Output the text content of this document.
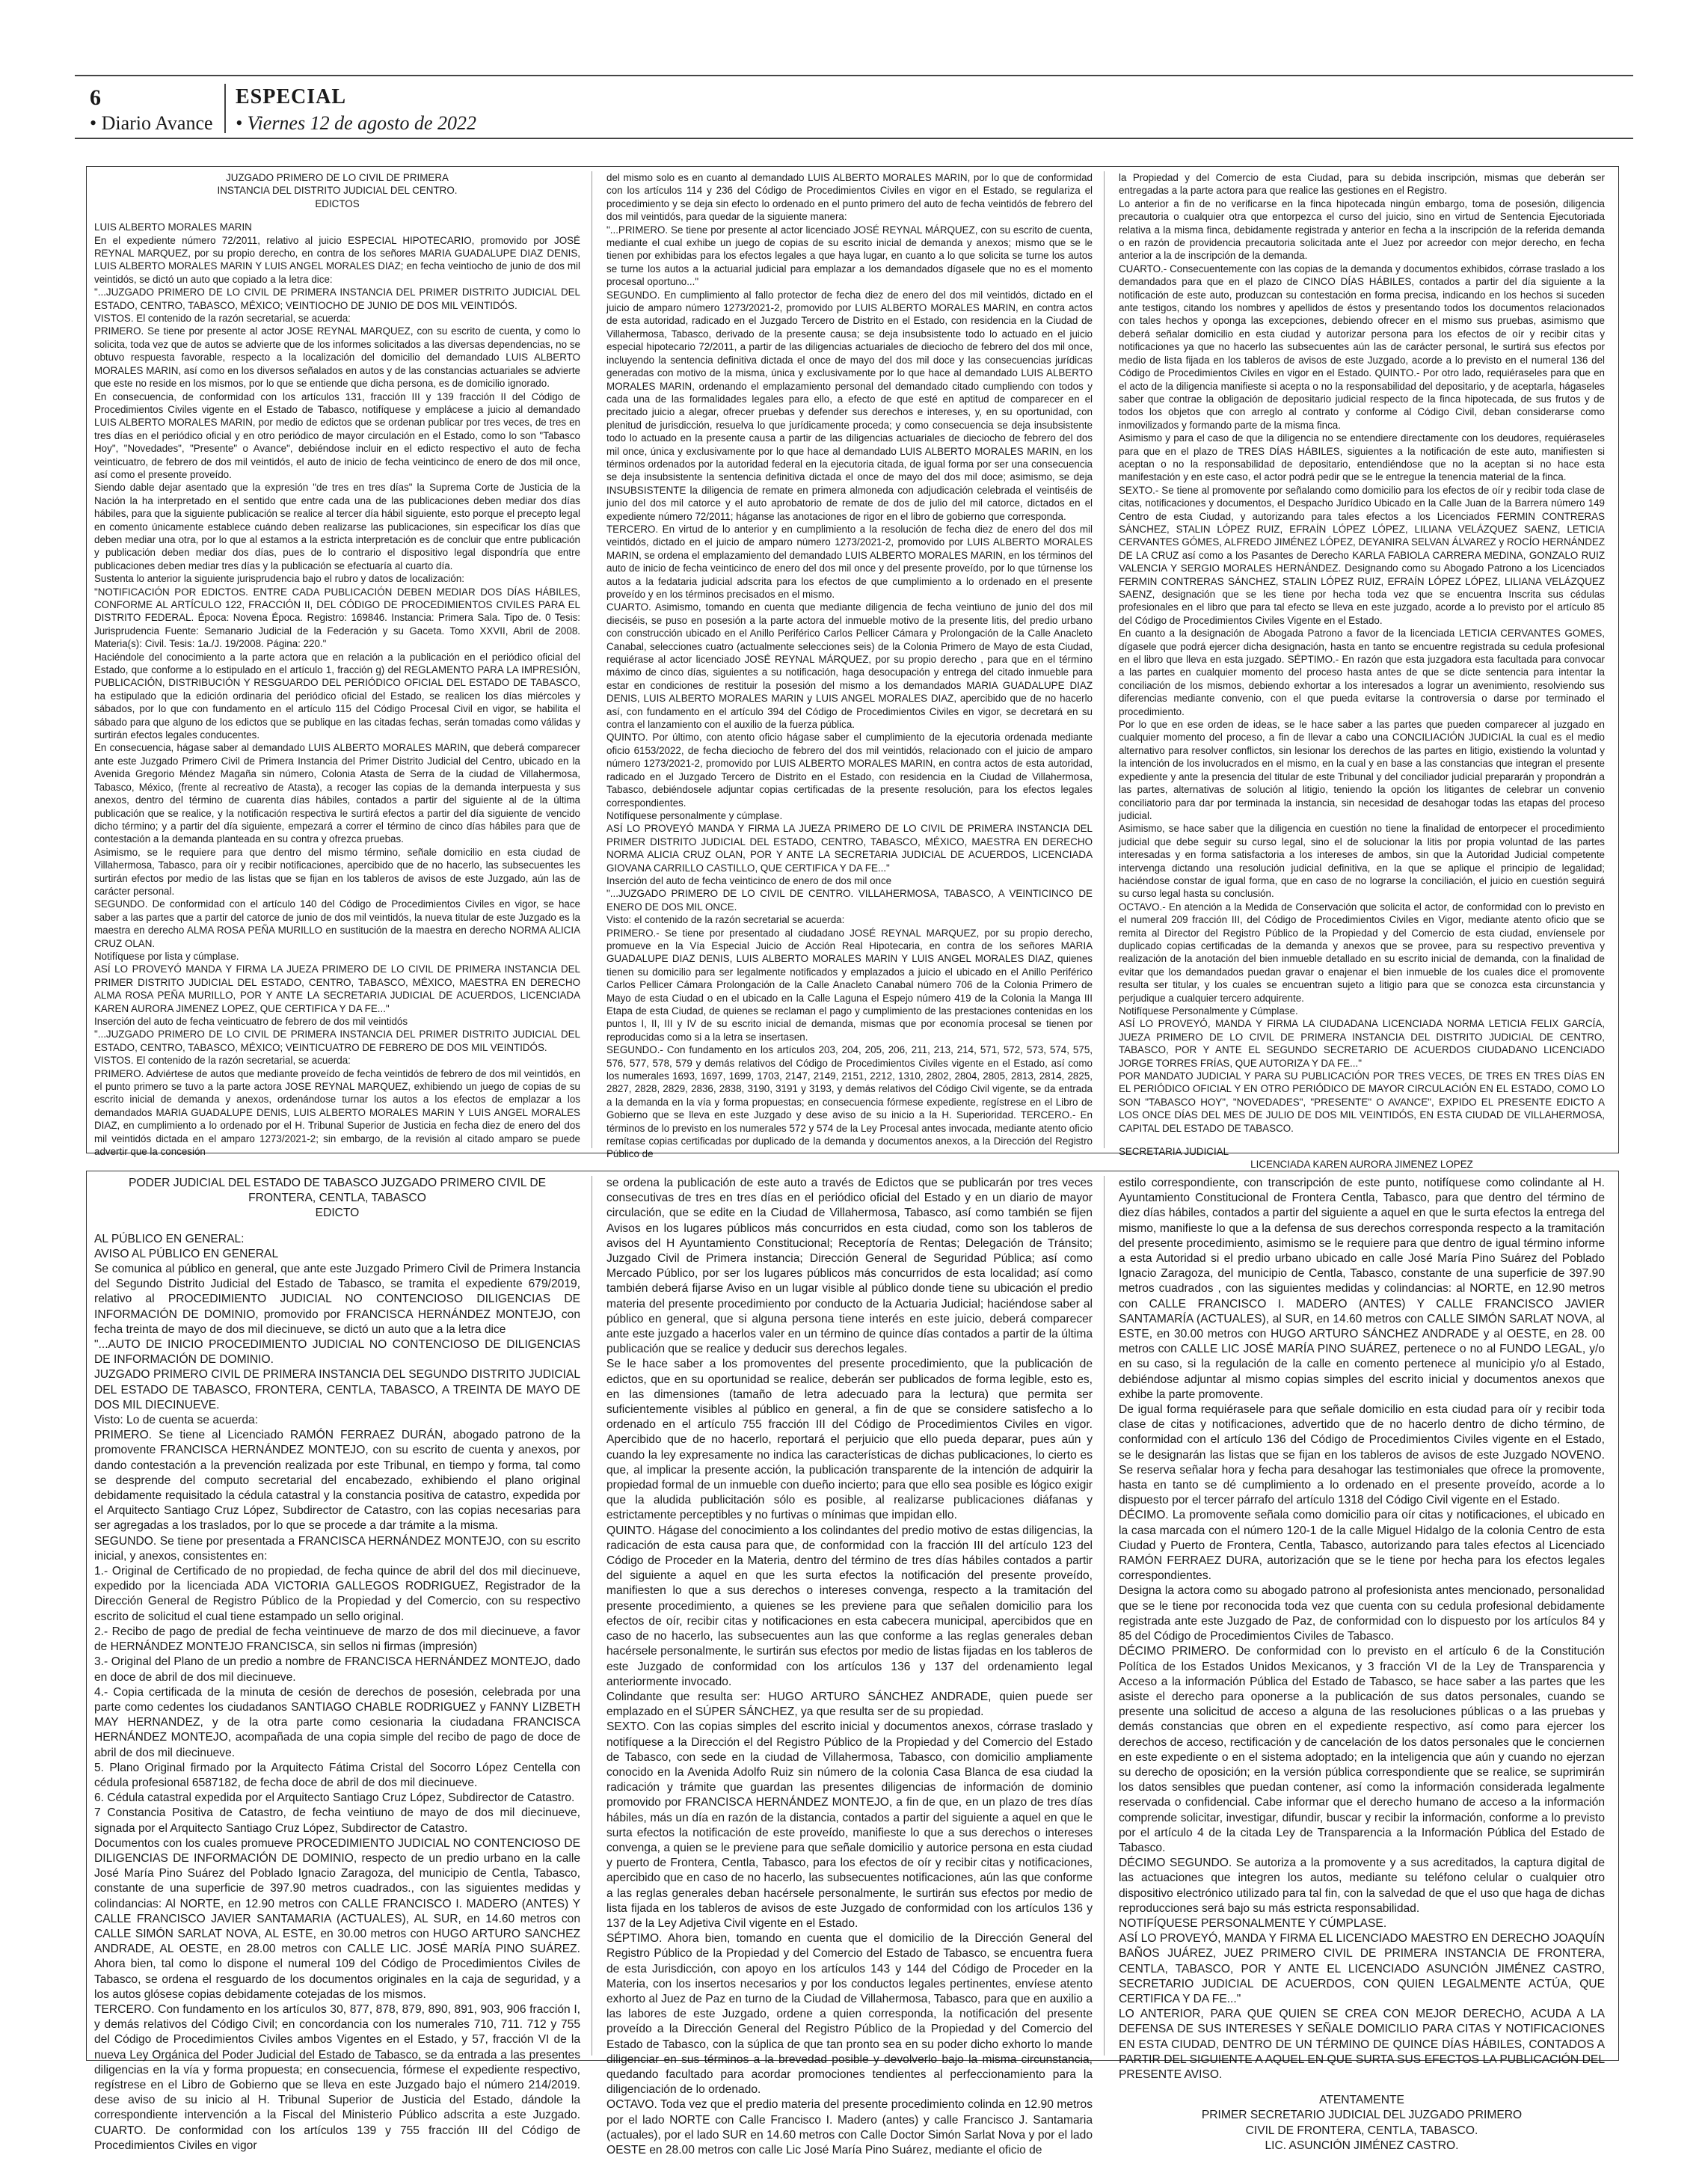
6
• Diario Avance
ESPECIAL
• Viernes 12 de agosto de 2022

JUZGADO PRIMERO DE LO CIVIL DE PRIMERA

INSTANCIA DEL DISTRITO JUDICIAL DEL CENTRO.

EDICTOS

LUIS ALBERTO MORALES MARIN

En el expediente número 72/2011, relativo al juicio ESPECIAL HIPOTECARIO, promovido por JOSÉ REYNAL MARQUEZ, por su propio derecho, en contra de los señores MARIA GUADALUPE DIAZ DENIS, LUIS ALBERTO MORALES MARIN Y LUIS ANGEL MORALES DIAZ; en fecha veintiocho de junio de dos mil veintidós, se dictó un auto que copiado a la letra dice:

"...JUZGADO PRIMERO DE LO CIVIL DE PRIMERA INSTANCIA DEL PRIMER DISTRITO JUDICIAL DEL ESTADO, CENTRO, TABASCO, MÉXICO; VEINTIOCHO DE JUNIO DE DOS MIL VEINTIDÓS.

VISTOS. El contenido de la razón secretarial, se acuerda:

PRIMERO. Se tiene por presente al actor JOSE REYNAL MARQUEZ, con su escrito de cuenta, y como lo solicita, toda vez que de autos se advierte que de los informes solicitados a las diversas dependencias, no se obtuvo respuesta favorable, respecto a la localización del domicilio del demandado LUIS ALBERTO MORALES MARIN, así como en los diversos señalados en autos y de las constancias actuariales se advierte que este no reside en los mismos, por lo que se entiende que dicha persona, es de domicilio ignorado.

En consecuencia, de conformidad con los artículos 131, fracción III y 139 fracción II del Código de Procedimientos Civiles vigente en el Estado de Tabasco, notifíquese y emplácese a juicio al demandado LUIS ALBERTO MORALES MARIN, por medio de edictos que se ordenan publicar por tres veces, de tres en tres días en el periódico oficial y en otro periódico de mayor circulación en el Estado, como lo son "Tabasco Hoy", "Novedades", "Presente" o Avance", debiéndose incluir en el edicto respectivo el auto de fecha veinticuatro, de febrero de dos mil veintidós, el auto de inicio de fecha veinticinco de enero de dos mil once, así como el presente proveído.

Siendo dable dejar asentado que la expresión "de tres en tres días" la Suprema Corte de Justicia de la Nación la ha interpretado en el sentido que entre cada una de las publicaciones deben mediar dos días hábiles, para que la siguiente publicación se realice al tercer día hábil siguiente, esto porque el precepto legal en comento únicamente establece cuándo deben realizarse las publicaciones, sin especificar los días que deben mediar una otra, por lo que al estamos a la estricta interpretación es de concluir que entre publicación y publicación deben mediar dos días, pues de lo contrario el dispositivo legal dispondría que entre publicaciones deben mediar tres días y la publicación se efectuaría al cuarto día.

Sustenta lo anterior la siguiente jurisprudencia bajo el rubro y datos de localización:

"NOTIFICACIÓN POR EDICTOS. ENTRE CADA PUBLICACIÓN DEBEN MEDIAR DOS DÍAS HÁBILES, CONFORME AL ARTÍCULO 122, FRACCIÓN II, DEL CÓDIGO DE PROCEDIMIENTOS CIVILES PARA EL DISTRITO FEDERAL. Época: Novena Época. Registro: 169846. Instancia: Primera Sala. Tipo de. 0 Tesis: Jurisprudencia Fuente: Semanario Judicial de la Federación y su Gaceta. Tomo XXVII, Abril de 2008. Materia(s): Civil. Tesis: 1a./J. 19/2008. Página: 220."

Haciéndole del conocimiento a la parte actora que en relación a la publicación en el periódico oficial del Estado, que conforme a lo estipulado en el artículo 1, fracción g) del REGLAMENTO PARA LA IMPRESIÓN, PUBLICACIÓN, DISTRIBUCIÓN Y RESGUARDO DEL PERIÓDICO OFICIAL DEL ESTADO DE TABASCO, ha estipulado que la edición ordinaria del periódico oficial del Estado, se realicen los días miércoles y sábados, por lo que con fundamento en el artículo 115 del Código Procesal Civil en vigor, se habilita el sábado para que alguno de los edictos que se publique en las citadas fechas, serán tomadas como válidas y surtirán efectos legales conducentes.

En consecuencia, hágase saber al demandado LUIS ALBERTO MORALES MARIN, que deberá comparecer ante este Juzgado Primero Civil de Primera Instancia del Primer Distrito Judicial del Centro, ubicado en la Avenida Gregorio Méndez Magaña sin número, Colonia Atasta de Serra de la ciudad de Villahermosa, Tabasco, México, (frente al recreativo de Atasta), a recoger las copias de la demanda interpuesta y sus anexos, dentro del término de cuarenta días hábiles, contados a partir del siguiente al de la última publicación que se realice, y la notificación respectiva le surtirá efectos a partir del día siguiente de vencido dicho término; y a partir del día siguiente, empezará a correr el término de cinco días hábiles para que de contestación a la demanda planteada en su contra y ofrezca pruebas.

Asimismo, se le requiere para que dentro del mismo término, señale domicilio en esta ciudad de Villahermosa, Tabasco, para oír y recibir notificaciones, apercibido que de no hacerlo, las subsecuentes les surtirán efectos por medio de las listas que se fijan en los tableros de avisos de este Juzgado, aún las de carácter personal.

SEGUNDO. De conformidad con el artículo 140 del Código de Procedimientos Civiles en vigor, se hace saber a las partes que a partir del catorce de junio de dos mil veintidós, la nueva titular de este Juzgado es la maestra en derecho ALMA ROSA PEÑA MURILLO en sustitución de la maestra en derecho NORMA ALICIA CRUZ OLAN.

Notifíquese por lista y cúmplase.

ASÍ LO PROVEYÓ MANDA Y FIRMA LA JUEZA PRIMERO DE LO CIVIL DE PRIMERA INSTANCIA DEL PRIMER DISTRITO JUDICIAL DEL ESTADO, CENTRO, TABASCO, MÉXICO, MAESTRA EN DERECHO ALMA ROSA PEÑA MURILLO, POR Y ANTE LA SECRETARIA JUDICIAL DE ACUERDOS, LICENCIADA KAREN AURORA JIMENEZ LOPEZ, QUE CERTIFICA Y DA FE..."

Inserción del auto de fecha veinticuatro de febrero de dos mil veintidós

"...JUZGADO PRIMERO DE LO CIVIL DE PRIMERA INSTANCIA DEL PRIMER DISTRITO JUDICIAL DEL ESTADO, CENTRO, TABASCO, MÉXICO; VEINTICUATRO DE FEBRERO DE DOS MIL VEINTIDÓS.

VISTOS. El contenido de la razón secretarial, se acuerda:

PRIMERO. Adviértese de autos que mediante proveído de fecha veintidós de febrero de dos mil veintidós, en el punto primero se tuvo a la parte actora JOSE REYNAL MARQUEZ, exhibiendo un juego de copias de su escrito inicial de demanda y anexos, ordenándose turnar los autos a los efectos de emplazar a los demandados MARIA GUADALUPE DENIS, LUIS ALBERTO MORALES MARIN Y LUIS ANGEL MORALES DIAZ, en cumplimiento a lo ordenado por el H. Tribunal Superior de Justicia en fecha diez de enero del dos mil veintidós dictada en el amparo 1273/2021-2; sin embargo, de la revisión al citado amparo se puede advertir que la concesión

del mismo solo es en cuanto al demandado LUIS ALBERTO MORALES MARIN, por lo que de conformidad con los artículos 114 y 236 del Código de Procedimientos Civiles en vigor en el Estado, se regulariza el procedimiento y se deja sin efecto lo ordenado en el punto primero del auto de fecha veintidós de febrero del dos mil veintidós, para quedar de la siguiente manera:

"...PRIMERO. Se tiene por presente al actor licenciado JOSÉ REYNAL MÁRQUEZ, con su escrito de cuenta, mediante el cual exhibe un juego de copias de su escrito inicial de demanda y anexos; mismo que se le tienen por exhibidas para los efectos legales a que haya lugar, en cuanto a lo que solicita se turne los autos se turne los autos a la actuarial judicial para emplazar a los demandados dígasele que no es el momento procesal oportuno..."

SEGUNDO. En cumplimiento al fallo protector de fecha diez de enero del dos mil veintidós, dictado en el juicio de amparo número 1273/2021-2, promovido por LUIS ALBERTO MORALES MARIN, en contra actos de esta autoridad, radicado en el Juzgado Tercero de Distrito en el Estado, con residencia en la Ciudad de Villahermosa, Tabasco, derivado de la presente causa; se deja insubsistente todo lo actuado en el juicio especial hipotecario 72/2011, a partir de las diligencias actuariales de dieciocho de febrero del dos mil once, incluyendo la sentencia definitiva dictada el once de mayo del dos mil doce y las consecuencias jurídicas generadas con motivo de la misma, única y exclusivamente por lo que hace al demandado LUIS ALBERTO MORALES MARIN, ordenando el emplazamiento personal del demandado citado cumpliendo con todos y cada una de las formalidades legales para ello, a efecto de que esté en aptitud de comparecer en el precitado juicio a alegar, ofrecer pruebas y defender sus derechos e intereses, y, en su oportunidad, con plenitud de jurisdicción, resuelva lo que jurídicamente proceda; y como consecuencia se deja insubsistente todo lo actuado en la presente causa a partir de las diligencias actuariales de dieciocho de febrero del dos mil once, única y exclusivamente por lo que hace al demandado LUIS ALBERTO MORALES MARIN, en los términos ordenados por la autoridad federal en la ejecutoria citada, de igual forma por ser una consecuencia se deja insubsistente la sentencia definitiva dictada el once de mayo del dos mil doce; asimismo, se deja INSUBSISTENTE la diligencia de remate en primera almoneda con adjudicación celebrada el veintiséis de junio del dos mil catorce y el auto aprobatorio de remate de dos de julio del mil catorce, dictados en el expediente número 72/2011; háganse las anotaciones de rigor en el libro de gobierno que corresponda.

TERCERO. En virtud de lo anterior y en cumplimiento a la resolución de fecha diez de enero del dos mil veintidós, dictado en el juicio de amparo número 1273/2021-2, promovido por LUIS ALBERTO MORALES MARIN, se ordena el emplazamiento del demandado LUIS ALBERTO MORALES MARIN, en los términos del auto de inicio de fecha veinticinco de enero del dos mil once y del presente proveído, por lo que túrnense los autos a la fedataria judicial adscrita para los efectos de que cumplimiento a lo ordenado en el presente proveído y en los términos precisados en el mismo.

CUARTO. Asimismo, tomando en cuenta que mediante diligencia de fecha veintiuno de junio del dos mil dieciséis, se puso en posesión a la parte actora del inmueble motivo de la presente litis, del predio urbano con construcción ubicado en el Anillo Periférico Carlos Pellicer Cámara y Prolongación de la Calle Anacleto Canabal, selecciones cuatro (actualmente selecciones seis) de la Colonia Primero de Mayo de esta Ciudad, requiérase al actor licenciado JOSÉ REYNAL MÁRQUEZ, por su propio derecho , para que en el término máximo de cinco días, siguientes a su notificación, haga desocupación y entrega del citado inmueble para estar en condiciones de restituir la posesión del mismo a los demandados MARIA GUADALUPE DIAZ DENIS, LUIS ALBERTO MORALES MARIN y LUIS ANGEL MORALES DIAZ, apercibido que de no hacerlo así, con fundamento en el artículo 394 del Código de Procedimientos Civiles en vigor, se decretará en su contra el lanzamiento con el auxilio de la fuerza pública.

QUINTO. Por último, con atento oficio hágase saber el cumplimiento de la ejecutoria ordenada mediante oficio 6153/2022, de fecha dieciocho de febrero del dos mil veintidós, relacionado con el juicio de amparo número 1273/2021-2, promovido por LUIS ALBERTO MORALES MARIN, en contra actos de esta autoridad, radicado en el Juzgado Tercero de Distrito en el Estado, con residencia en la Ciudad de Villahermosa, Tabasco, debiéndosele adjuntar copias certificadas de la presente resolución, para los efectos legales correspondientes.

Notifíquese personalmente y cúmplase.

ASÍ LO PROVEYÓ MANDA Y FIRMA LA JUEZA PRIMERO DE LO CIVIL DE PRIMERA INSTANCIA DEL PRIMER DISTRITO JUDICIAL DEL ESTADO, CENTRO, TABASCO, MÉXICO, MAESTRA EN DERECHO NORMA ALICIA CRUZ OLAN, POR Y ANTE LA SECRETARIA JUDICIAL DE ACUERDOS, LICENCIADA GIOVANA CARRILLO CASTILLO, QUE CERTIFICA Y DA FE..."

Inserción del auto de fecha veinticinco de enero de dos mil once

"...JUZGADO PRIMERO DE LO CIVIL DE CENTRO. VILLAHERMOSA, TABASCO, A VEINTICINCO DE ENERO DE DOS MIL ONCE.

Visto: el contenido de la razón secretarial se acuerda:

PRIMERO.- Se tiene por presentado al ciudadano JOSÉ REYNAL MARQUEZ, por su propio derecho, promueve en la Vía Especial Juicio de Acción Real Hipotecaria, en contra de los señores MARIA GUADALUPE DIAZ DENIS, LUIS ALBERTO MORALES MARIN Y LUIS ANGEL MORALES DIAZ, quienes tienen su domicilio para ser legalmente notificados y emplazados a juicio el ubicado en el Anillo Periférico Carlos Pellicer Cámara Prolongación de la Calle Anacleto Canabal número 706 de la Colonia Primero de Mayo de esta Ciudad o en el ubicado en la Calle Laguna el Espejo número 419 de la Colonia la Manga III Etapa de esta Ciudad, de quienes se reclaman el pago y cumplimiento de las prestaciones contenidas en los puntos I, II, III y IV de su escrito inicial de demanda, mismas que por economía procesal se tienen por reproducidas como si a la letra se insertasen.

SEGUNDO.- Con fundamento en los artículos 203, 204, 205, 206, 211, 213, 214, 571, 572, 573, 574, 575, 576, 577, 578, 579 y demás relativos del Código de Procedimientos Civiles vigente en el Estado, así como los numerales 1693, 1697, 1699, 1703, 2147, 2149, 2151, 2212, 1310, 2802, 2804, 2805, 2813, 2814, 2825, 2827, 2828, 2829, 2836, 2838, 3190, 3191 y 3193, y demás relativos del Código Civil vigente, se da entrada a la demanda en la vía y forma propuestas; en consecuencia fórmese expediente, regístrese en el Libro de Gobierno que se lleva en este Juzgado y dese aviso de su inicio a la H. Superioridad. TERCERO.- En términos de lo previsto en los numerales 572 y 574 de la Ley Procesal antes invocada, mediante atento oficio remítase copias certificadas por duplicado de la demanda y documentos anexos, a la Dirección del Registro Público de

la Propiedad y del Comercio de esta Ciudad, para su debida inscripción, mismas que deberán ser entregadas a la parte actora para que realice las gestiones en el Registro.

Lo anterior a fin de no verificarse en la finca hipotecada ningún embargo, toma de posesión, diligencia precautoria o cualquier otra que entorpezca el curso del juicio, sino en virtud de Sentencia Ejecutoriada relativa a la misma finca, debidamente registrada y anterior en fecha a la inscripción de la referida demanda o en razón de providencia precautoria solicitada ante el Juez por acreedor con mejor derecho, en fecha anterior a la de inscripción de la demanda.

CUARTO.- Consecuentemente con las copias de la demanda y documentos exhibidos, córrase traslado a los demandados para que en el plazo de CINCO DÍAS HÁBILES, contados a partir del día siguiente a la notificación de este auto, produzcan su contestación en forma precisa, indicando en los hechos si suceden ante testigos, citando los nombres y apellidos de éstos y presentando todos los documentos relacionados con tales hechos y oponga las excepciones, debiendo ofrecer en el mismo sus pruebas, asimismo que deberá señalar domicilio en esta ciudad y autorizar persona para los efectos de oír y recibir citas y notificaciones ya que no hacerlo las subsecuentes aún las de carácter personal, le surtirá sus efectos por medio de lista fijada en los tableros de avisos de este Juzgado, acorde a lo previsto en el numeral 136 del Código de Procedimientos Civiles en vigor en el Estado. QUINTO.- Por otro lado, requiéraseles para que en el acto de la diligencia manifieste si acepta o no la responsabilidad del depositario, y de aceptarla, hágaseles saber que contrae la obligación de depositario judicial respecto de la finca hipotecada, de sus frutos y de todos los objetos que con arreglo al contrato y conforme al Código Civil, deban considerarse como inmovilizados y formando parte de la misma finca.

Asimismo y para el caso de que la diligencia no se entendiere directamente con los deudores, requiéraseles para que en el plazo de TRES DÍAS HÁBILES, siguientes a la notificación de este auto, manifiesten si aceptan o no la responsabilidad de depositario, entendiéndose que no la aceptan si no hace esta manifestación y en este caso, el actor podrá pedir que se le entregue la tenencia material de la finca.

SEXTO.- Se tiene al promovente por señalando como domicilio para los efectos de oír y recibir toda clase de citas, notificaciones y documentos, el Despacho Jurídico Ubicado en la Calle Juan de la Barrera número 149 Centro de esta Ciudad, y autorizando para tales efectos a los Licenciados FERMIN CONTRERAS SÁNCHEZ, STALIN LÓPEZ RUIZ, EFRAÍN LÓPEZ LÓPEZ, LILIANA VELÁZQUEZ SAENZ, LETICIA CERVANTES GÓMES, ALFREDO JIMÉNEZ LÓPEZ, DEYANIRA SELVAN ÁLVAREZ y ROCÍO HERNÁNDEZ DE LA CRUZ así como a los Pasantes de Derecho KARLA FABIOLA CARRERA MEDINA, GONZALO RUIZ VALENCIA Y SERGIO MORALES HERNÁNDEZ. Designando como su Abogado Patrono a los Licenciados FERMIN CONTRERAS SÁNCHEZ, STALIN LÓPEZ RUIZ, EFRAÍN LÓPEZ LÓPEZ, LILIANA VELÁZQUEZ SAENZ, designación que se les tiene por hecha toda vez que se encuentra Inscrita sus cédulas profesionales en el libro que para tal efecto se lleva en este juzgado, acorde a lo previsto por el artículo 85 del Código de Procedimientos Civiles Vigente en el Estado.

En cuanto a la designación de Abogada Patrono a favor de la licenciada LETICIA CERVANTES GOMES, dígasele que podrá ejercer dicha designación, hasta en tanto se encuentre registrada su cedula profesional en el libro que lleva en esta juzgado. SÉPTIMO.- En razón que esta juzgadora esta facultada para convocar a las partes en cualquier momento del proceso hasta antes de que se dicte sentencia para intentar la conciliación de los mismos, debiendo exhortar a los interesados a lograr un avenimiento, resolviendo sus diferencias mediante convenio, con el que pueda evitarse la controversia o darse por terminado el procedimiento.

Por lo que en ese orden de ideas, se le hace saber a las partes que pueden comparecer al juzgado en cualquier momento del proceso, a fin de llevar a cabo una CONCILIACIÓN JUDICIAL la cual es el medio alternativo para resolver conflictos, sin lesionar los derechos de las partes en litigio, existiendo la voluntad y la intención de los involucrados en el mismo, en la cual y en base a las constancias que integran el presente expediente y ante la presencia del titular de este Tribunal y del conciliador judicial prepararán y propondrán a las partes, alternativas de solución al litigio, teniendo la opción los litigantes de celebrar un convenio conciliatorio para dar por terminada la instancia, sin necesidad de desahogar todas las etapas del proceso judicial.

Asimismo, se hace saber que la diligencia en cuestión no tiene la finalidad de entorpecer el procedimiento judicial que debe seguir su curso legal, sino el de solucionar la litis por propia voluntad de las partes interesadas y en forma satisfactoria a los intereses de ambos, sin que la Autoridad Judicial competente intervenga dictando una resolución judicial definitiva, en la que se aplique el principio de legalidad; haciéndose constar de igual forma, que en caso de no lograrse la conciliación, el juicio en cuestión seguirá su curso legal hasta su conclusión.

OCTAVO.- En atención a la Medida de Conservación que solicita el actor, de conformidad con lo previsto en el numeral 209 fracción III, del Código de Procedimientos Civiles en Vigor, mediante atento oficio que se remita al Director del Registro Público de la Propiedad y del Comercio de esta ciudad, envíensele por duplicado copias certificadas de la demanda y anexos que se provee, para su respectivo preventiva y realización de la anotación del bien inmueble detallado en su escrito inicial de demanda, con la finalidad de evitar que los demandados puedan gravar o enajenar el bien inmueble de los cuales dice el promovente resulta ser titular, y los cuales se encuentran sujeto a litigio para que se conozca esta circunstancia y perjudique a cualquier tercero adquirente.

Notifíquese Personalmente y Cúmplase.

ASÍ LO PROVEYÓ, MANDA Y FIRMA LA CIUDADANA LICENCIADA NORMA LETICIA FELIX GARCÍA, JUEZA PRIMERO DE LO CIVIL DE PRIMERA INSTANCIA DEL DISTRITO JUDICIAL DE CENTRO, TABASCO, POR Y ANTE EL SEGUNDO SECRETARIO DE ACUERDOS CIUDADANO LICENCIADO JORGE TORRES FRÍAS, QUE AUTORIZA Y DA FE..."

POR MANDATO JUDICIAL Y PARA SU PUBLICACIÓN POR TRES VECES, DE TRES EN TRES DÍAS EN EL PERIÓDICO OFICIAL Y EN OTRO PERIÓDICO DE MAYOR CIRCULACIÓN EN EL ESTADO, COMO LO SON "TABASCO HOY", "NOVEDADES", "PRESENTE" O AVANCE", EXPIDO EL PRESENTE EDICTO A LOS ONCE DÍAS DEL MES DE JULIO DE DOS MIL VEINTIDÓS, EN ESTA CIUDAD DE VILLAHERMOSA, CAPITAL DEL ESTADO DE TABASCO.

SECRETARIA JUDICIAL

LICENCIADA KAREN AURORA JIMENEZ LOPEZ

PODER JUDICIAL DEL ESTADO DE TABASCO JUZGADO PRIMERO CIVIL DE FRONTERA, CENTLA, TABASCO

EDICTO

AL PÚBLICO EN GENERAL:

AVISO AL PÚBLICO EN GENERAL

Se comunica al público en general, que ante este Juzgado Primero Civil de Primera Instancia del Segundo Distrito Judicial del Estado de Tabasco, se tramita el expediente 679/2019, relativo al PROCEDIMIENTO JUDICIAL NO CONTENCIOSO DILIGENCIAS DE INFORMACIÓN DE DOMINIO, promovido por FRANCISCA HERNÁNDEZ MONTEJO, con fecha treinta de mayo de dos mil diecinueve, se dictó un auto que a la letra dice

"...AUTO DE INICIO PROCEDIMIENTO JUDICIAL NO CONTENCIOSO DE DILIGENCIAS DE INFORMACIÓN DE DOMINIO.

JUZGADO PRIMERO CIVIL DE PRIMERA INSTANCIA DEL SEGUNDO DISTRITO JUDICIAL DEL ESTADO DE TABASCO, FRONTERA, CENTLA, TABASCO, A TREINTA DE MAYO DE DOS MIL DIECINUEVE.

Visto: Lo de cuenta se acuerda:

PRIMERO. Se tiene al Licenciado RAMÓN FERRAEZ DURÁN, abogado patrono de la promovente FRANCISCA HERNÁNDEZ MONTEJO, con su escrito de cuenta y anexos, por dando contestación a la prevención realizada por este Tribunal, en tiempo y forma, tal como se desprende del computo secretarial del encabezado, exhibiendo el plano original debidamente requisitado la cédula catastral y la constancia positiva de catastro, expedida por el Arquitecto Santiago Cruz López, Subdirector de Catastro, con las copias necesarias para ser agregadas a los traslados, por lo que se procede a dar trámite a la misma.

SEGUNDO. Se tiene por presentada a FRANCISCA HERNÁNDEZ MONTEJO, con su escrito inicial, y anexos, consistentes en:

1.- Original de Certificado de no propiedad, de fecha quince de abril del dos mil diecinueve, expedido por la licenciada ADA VICTORIA GALLEGOS RODRIGUEZ, Registrador de la Dirección General de Registro Público de la Propiedad y del Comercio, con su respectivo escrito de solicitud el cual tiene estampado un sello original.

2.- Recibo de pago de predial de fecha veintinueve de marzo de dos mil diecinueve, a favor de HERNÁNDEZ MONTEJO FRANCISCA, sin sellos ni firmas (impresión)

3.- Original del Plano de un predio a nombre de FRANCISCA HERNÁNDEZ MONTEJO, dado en doce de abril de dos mil diecinueve.

4.- Copia certificada de la minuta de cesión de derechos de posesión, celebrada por una parte como cedentes los ciudadanos SANTIAGO CHABLE RODRIGUEZ y FANNY LIZBETH MAY HERNANDEZ, y de la otra parte como cesionaria la ciudadana FRANCISCA HERNÁNDEZ MONTEJO, acompañada de una copia simple del recibo de pago de doce de abril de dos mil diecinueve.

5. Plano Original firmado por la Arquitecto Fátima Cristal del Socorro López Centella con cédula profesional 6587182, de fecha doce de abril de dos mil diecinueve.

6. Cédula catastral expedida por el Arquitecto Santiago Cruz López, Subdirector de Catastro.

7 Constancia Positiva de Catastro, de fecha veintiuno de mayo de dos mil diecinueve, signada por el Arquitecto Santiago Cruz López, Subdirector de Catastro.

Documentos con los cuales promueve PROCEDIMIENTO JUDICIAL NO CONTENCIOSO DE DILIGENCIAS DE INFORMACIÓN DE DOMINIO, respecto de un predio urbano en la calle José María Pino Suárez del Poblado Ignacio Zaragoza, del municipio de Centla, Tabasco, constante de una superficie de 397.90 metros cuadrados., con las siguientes medidas y colindancias: Al NORTE, en 12.90 metros con CALLE FRANCISCO I. MADERO (ANTES) Y CALLE FRANCISCO JAVIER SANTAMARIA (ACTUALES), AL SUR, en 14.60 metros con CALLE SIMÓN SARLAT NOVA, AL ESTE, en 30.00 metros con HUGO ARTURO SANCHEZ ANDRADE, AL OESTE, en 28.00 metros con CALLE LIC. JOSÉ MARÍA PINO SUÁREZ. Ahora bien, tal como lo dispone el numeral 109 del Código de Procedimientos Civiles de Tabasco, se ordena el resguardo de los documentos originales en la caja de seguridad, y a los autos glósese copias debidamente cotejadas de los mismos.

TERCERO. Con fundamento en los artículos 30, 877, 878, 879, 890, 891, 903, 906 fracción I, y demás relativos del Código Civil; en concordancia con los numerales 710, 711. 712 y 755 del Código de Procedimientos Civiles ambos Vigentes en el Estado, y 57, fracción VI de la nueva Ley Orgánica del Poder Judicial del Estado de Tabasco, se da entrada a las presentes diligencias en la vía y forma propuesta; en consecuencia, fórmese el expediente respectivo, regístrese en el Libro de Gobierno que se lleva en este Juzgado bajo el número 214/2019. dese aviso de su inicio al H. Tribunal Superior de Justicia del Estado, dándole la correspondiente intervención a la Fiscal del Ministerio Público adscrita a este Juzgado. CUARTO. De conformidad con los artículos 139 y 755 fracción III del Código de Procedimientos Civiles en vigor

se ordena la publicación de este auto a través de Edictos que se publicarán por tres veces consecutivas de tres en tres días en el periódico oficial del Estado y en un diario de mayor circulación, que se edite en la Ciudad de Villahermosa, Tabasco, así como también se fijen Avisos en los lugares públicos más concurridos en esta ciudad, como son los tableros de avisos del H Ayuntamiento Constitucional; Receptoría de Rentas; Delegación de Tránsito; Juzgado Civil de Primera instancia; Dirección General de Seguridad Pública; así como Mercado Público, por ser los lugares públicos más concurridos de esta localidad; así como también deberá fijarse Aviso en un lugar visible al público donde tiene su ubicación el predio materia del presente procedimiento por conducto de la Actuaria Judicial; haciéndose saber al público en general, que si alguna persona tiene interés en este juicio, deberá comparecer ante este juzgado a hacerlos valer en un término de quince días contados a partir de la última publicación que se realice y deducir sus derechos legales.

Se le hace saber a los promoventes del presente procedimiento, que la publicación de edictos, que en su oportunidad se realice, deberán ser publicados de forma legible, esto es, en las dimensiones (tamaño de letra adecuado para la lectura) que permita ser suficientemente visibles al público en general, a fin de que se considere satisfecho a lo ordenado en el artículo 755 fracción III del Código de Procedimientos Civiles en vigor. Apercibido que de no hacerlo, reportará el perjuicio que ello pueda deparar, pues aún y cuando la ley expresamente no indica las características de dichas publicaciones, lo cierto es que, al implicar la presente acción, la publicación transparente de la intención de adquirir la propiedad formal de un inmueble con dueño incierto; para que ello sea posible es lógico exigir que la aludida publicitación sólo es posible, al realizarse publicaciones diáfanas y estrictamente perceptibles y no furtivas o mínimas que impidan ello.

QUINTO. Hágase del conocimiento a los colindantes del predio motivo de estas diligencias, la radicación de esta causa para que, de conformidad con la fracción III del artículo 123 del Código de Proceder en la Materia, dentro del término de tres días hábiles contados a partir del siguiente a aquel en que les surta efectos la notificación del presente proveído, manifiesten lo que a sus derechos o intereses convenga, respecto a la tramitación del presente procedimiento, a quienes se les previene para que señalen domicilio para los efectos de oír, recibir citas y notificaciones en esta cabecera municipal, apercibidos que en caso de no hacerlo, las subsecuentes aun las que conforme a las reglas generales deban hacérsele personalmente, le surtirán sus efectos por medio de listas fijadas en los tableros de este Juzgado de conformidad con los artículos 136 y 137 del ordenamiento legal anteriormente invocado.

Colindante que resulta ser: HUGO ARTURO SÁNCHEZ ANDRADE, quien puede ser emplazado en el SÚPER SÁNCHEZ, ya que resulta ser de su propiedad.

SEXTO. Con las copias simples del escrito inicial y documentos anexos, córrase traslado y notifíquese a la Dirección el del Registro Público de la Propiedad y del Comercio del Estado de Tabasco, con sede en la ciudad de Villahermosa, Tabasco, con domicilio ampliamente conocido en la Avenida Adolfo Ruiz sin número de la colonia Casa Blanca de esa ciudad la radicación y trámite que guardan las presentes diligencias de información de dominio promovido por FRANCISCA HERNÁNDEZ MONTEJO, a fin de que, en un plazo de tres días hábiles, más un día en razón de la distancia, contados a partir del siguiente a aquel en que le surta efectos la notificación de este proveído, manifieste lo que a sus derechos o intereses convenga, a quien se le previene para que señale domicilio y autorice persona en esta ciudad y puerto de Frontera, Centla, Tabasco, para los efectos de oír y recibir citas y notificaciones, apercibido que en caso de no hacerlo, las subsecuentes notificaciones, aún las que conforme a las reglas generales deban hacérsele personalmente, le surtirán sus efectos por medio de lista fijada en los tableros de avisos de este Juzgado de conformidad con los artículos 136 y 137 de la Ley Adjetiva Civil vigente en el Estado.

SÉPTIMO. Ahora bien, tomando en cuenta que el domicilio de la Dirección General del Registro Público de la Propiedad y del Comercio del Estado de Tabasco, se encuentra fuera de esta Jurisdicción, con apoyo en los artículos 143 y 144 del Código de Proceder en la Materia, con los insertos necesarios y por los conductos legales pertinentes, envíese atento exhorto al Juez de Paz en turno de la Ciudad de Villahermosa, Tabasco, para que en auxilio a las labores de este Juzgado, ordene a quien corresponda, la notificación del presente proveído a la Dirección General del Registro Público de la Propiedad y del Comercio del Estado de Tabasco, con la súplica de que tan pronto sea en su poder dicho exhorto lo mande diligenciar en sus términos a la brevedad posible y devolverlo bajo la misma circunstancia, quedando facultado para acordar promociones tendientes al perfeccionamiento para la diligenciación de lo ordenado.

OCTAVO. Toda vez que el predio materia del presente procedimiento colinda en 12.90 metros por el lado NORTE con Calle Francisco I. Madero (antes) y calle Francisco J. Santamaria (actuales), por el lado SUR en 14.60 metros con Calle Doctor Simón Sarlat Nova y por el lado OESTE en 28.00 metros con calle Lic José María Pino Suárez, mediante el oficio de

estilo correspondiente, con transcripción de este punto, notifíquese como colindante al H. Ayuntamiento Constitucional de Frontera Centla, Tabasco, para que dentro del término de diez días hábiles, contados a partir del siguiente a aquel en que le surta efectos la entrega del mismo, manifieste lo que a la defensa de sus derechos corresponda respecto a la tramitación del presente procedimiento, asimismo se le requiere para que dentro de igual término informe a esta Autoridad si el predio urbano ubicado en calle José María Pino Suárez del Poblado Ignacio Zaragoza, del municipio de Centla, Tabasco, constante de una superficie de 397.90 metros cuadrados , con las siguientes medidas y colindancias: al NORTE, en 12.90 metros con CALLE FRANCISCO I. MADERO (ANTES) Y CALLE FRANCISCO JAVIER SANTAMARÍA (ACTUALES), al SUR, en 14.60 metros con CALLE SIMÓN SARLAT NOVA, al ESTE, en 30.00 metros con HUGO ARTURO SÁNCHEZ ANDRADE y al OESTE, en 28. 00 metros con CALLE LIC JOSÉ MARÍA PINO SUÁREZ, pertenece o no al FUNDO LEGAL, y/o en su caso, si la regulación de la calle en comento pertenece al municipio y/o al Estado, debiéndose adjuntar al mismo copias simples del escrito inicial y documentos anexos que exhibe la parte promovente.

De igual forma requiérasele para que señale domicilio en esta ciudad para oír y recibir toda clase de citas y notificaciones, advertido que de no hacerlo dentro de dicho término, de conformidad con el artículo 136 del Código de Procedimientos Civiles vigente en el Estado, se le designarán las listas que se fijan en los tableros de avisos de este Juzgado NOVENO. Se reserva señalar hora y fecha para desahogar las testimoniales que ofrece la promovente, hasta en tanto se dé cumplimiento a lo ordenado en el presente proveído, acorde a lo dispuesto por el tercer párrafo del artículo 1318 del Código Civil vigente en el Estado.

DÉCIMO. La promovente señala como domicilio para oír citas y notificaciones, el ubicado en la casa marcada con el número 120-1 de la calle Miguel Hidalgo de la colonia Centro de esta Ciudad y Puerto de Frontera, Centla, Tabasco, autorizando para tales efectos al Licenciado RAMÓN FERRAEZ DURA, autorización que se le tiene por hecha para los efectos legales correspondientes.

Designa la actora como su abogado patrono al profesionista antes mencionado, personalidad que se le tiene por reconocida toda vez que cuenta con su cedula profesional debidamente registrada ante este Juzgado de Paz, de conformidad con lo dispuesto por los artículos 84 y 85 del Código de Procedimientos Civiles de Tabasco.

DÉCIMO PRIMERO. De conformidad con lo previsto en el artículo 6 de la Constitución Política de los Estados Unidos Mexicanos, y 3 fracción VI de la Ley de Transparencia y Acceso a la información Pública del Estado de Tabasco, se hace saber a las partes que les asiste el derecho para oponerse a la publicación de sus datos personales, cuando se presente una solicitud de acceso a alguna de las resoluciones públicas o a las pruebas y demás constancias que obren en el expediente respectivo, así como para ejercer los derechos de acceso, rectificación y de cancelación de los datos personales que le conciernen en este expediente o en el sistema adoptado; en la inteligencia que aún y cuando no ejerzan su derecho de oposición; en la versión pública correspondiente que se realice, se suprimirán los datos sensibles que puedan contener, así como la información considerada legalmente reservada o confidencial. Cabe informar que el derecho humano de acceso a la información comprende solicitar, investigar, difundir, buscar y recibir la información, conforme a lo previsto por el artículo 4 de la citada Ley de Transparencia a la Información Pública del Estado de Tabasco.

DÉCIMO SEGUNDO. Se autoriza a la promovente y a sus acreditados, la captura digital de las actuaciones que integren los autos, mediante su teléfono celular o cualquier otro dispositivo electrónico utilizado para tal fin, con la salvedad de que el uso que haga de dichas reproducciones será bajo su más estricta responsabilidad.

NOTIFÍQUESE PERSONALMENTE Y CÚMPLASE.

ASÍ LO PROVEYÓ, MANDA Y FIRMA EL LICENCIADO MAESTRO EN DERECHO JOAQUÍN BAÑOS JUÁREZ, JUEZ PRIMERO CIVIL DE PRIMERA INSTANCIA DE FRONTERA, CENTLA, TABASCO, POR Y ANTE EL LICENCIADO ASUNCIÓN JIMÉNEZ CASTRO, SECRETARIO JUDICIAL DE ACUERDOS, CON QUIEN LEGALMENTE ACTÚA, QUE CERTIFICA Y DA FE..."

LO ANTERIOR, PARA QUE QUIEN SE CREA CON MEJOR DERECHO, ACUDA A LA DEFENSA DE SUS INTERESES Y SEÑALE DOMICILIO PARA CITAS Y NOTIFICACIONES EN ESTA CIUDAD, DENTRO DE UN TÉRMINO DE QUINCE DÍAS HÁBILES, CONTADOS A PARTIR DEL SIGUIENTE A AQUEL EN QUE SURTA SUS EFECTOS LA PUBLICACIÓN DEL PRESENTE AVISO.

ATENTAMENTE

PRIMER SECRETARIO JUDICIAL DEL JUZGADO PRIMERO

CIVIL DE FRONTERA, CENTLA, TABASCO.

LIC. ASUNCIÓN JIMÉNEZ CASTRO.
